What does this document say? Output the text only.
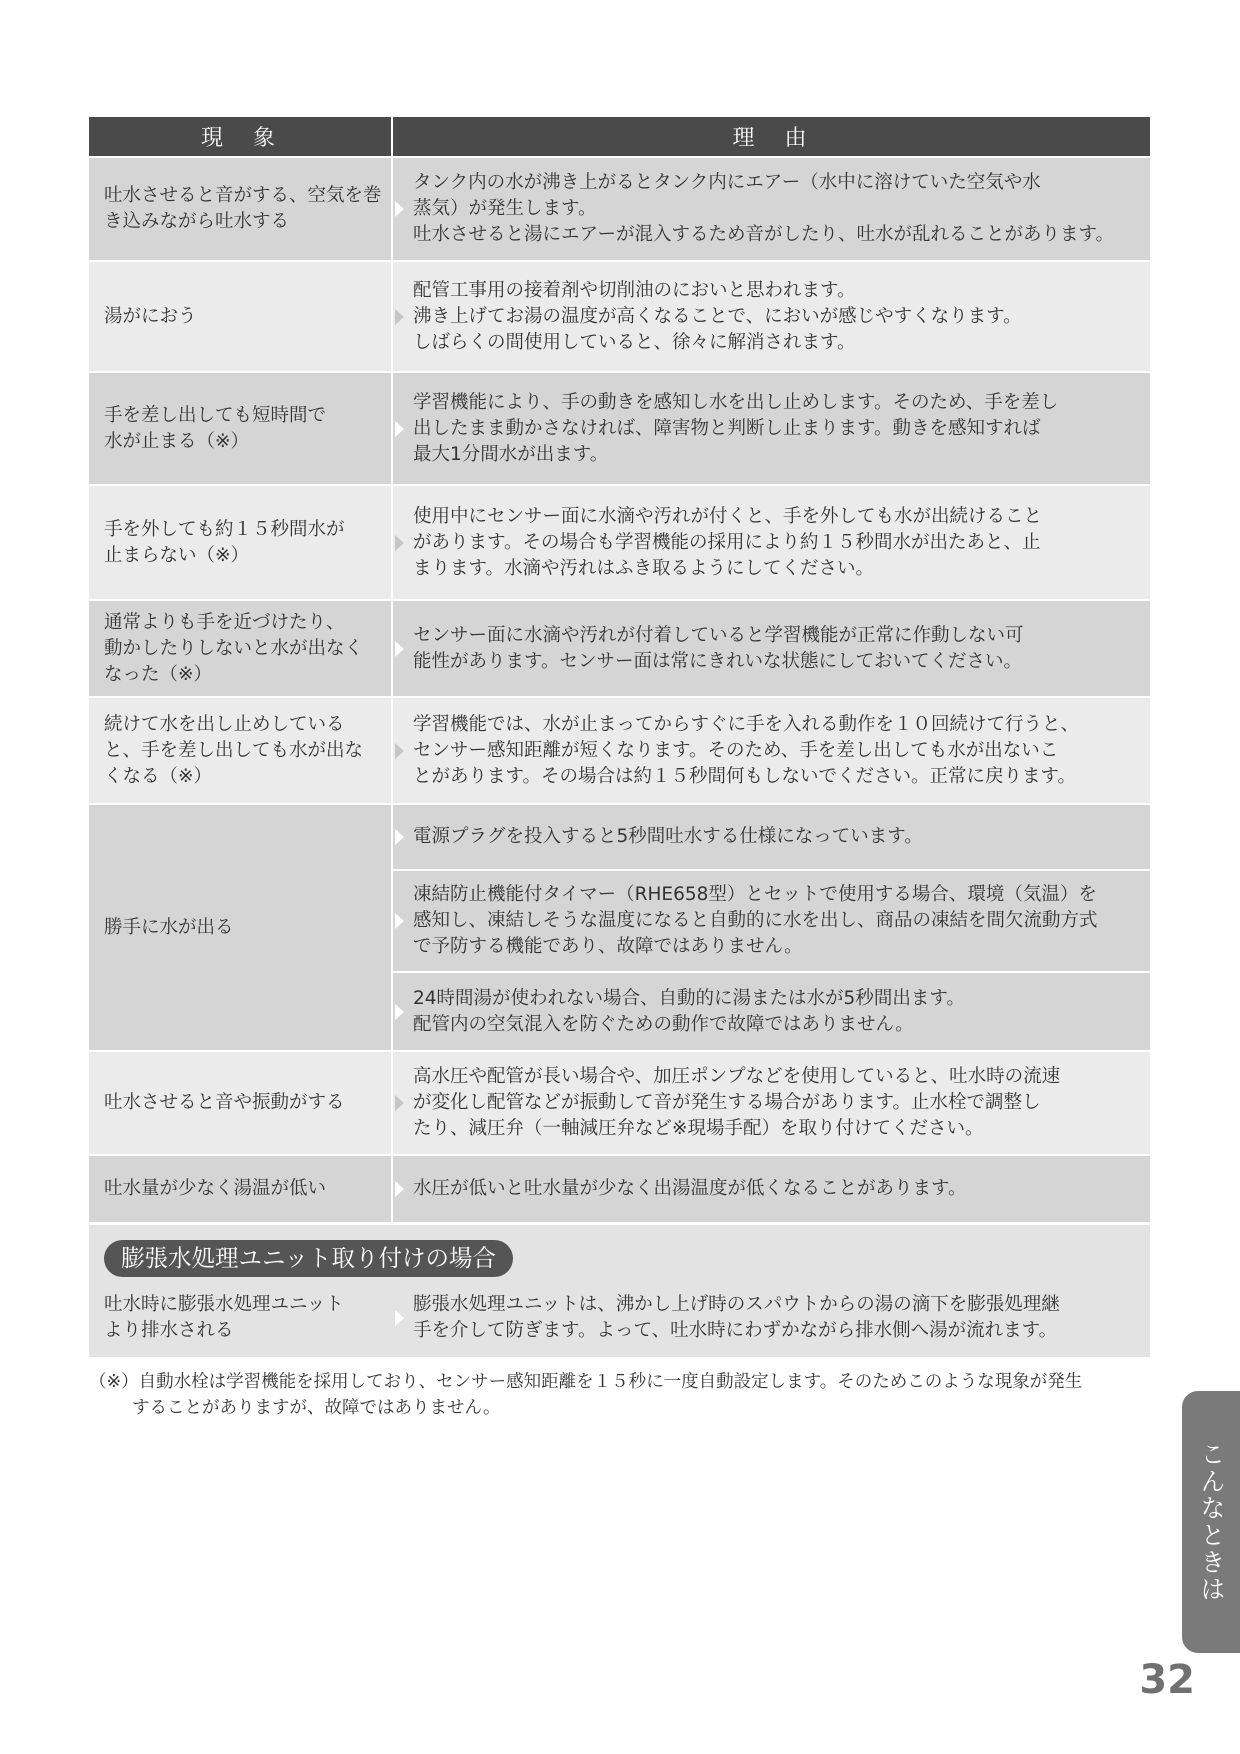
現　象	理　由
吐水させると音がする、空気を巻
き込みながら吐水する
タンク内の水が沸き上がるとタンク内にエアー（水中に溶けていた空気や水
蒸気）が発生します。
吐水させると湯にエアーが混入するため音がしたり、吐水が乱れることがあります。
湯がにおう
配管工事用の接着剤や切削油のにおいと思われます。
沸き上げてお湯の温度が高くなることで、においが感じやすくなります。
しばらくの間使用していると、徐々に解消されます。
手を差し出しても短時間で
水が止まる（※）
学習機能により、手の動きを感知し水を出し止めします。そのため、手を差し
出したまま動かさなければ、障害物と判断し止まります。動きを感知すれば
最大1分間水が出ます。
手を外しても約１５秒間水が
止まらない（※）
使用中にセンサー面に水滴や汚れが付くと、手を外しても水が出続けること
があります。その場合も学習機能の採用により約１５秒間水が出たあと、止
まります。水滴や汚れはふき取るようにしてください。
通常よりも手を近づけたり、
動かしたりしないと水が出なく
なった（※）
センサー面に水滴や汚れが付着していると学習機能が正常に作動しない可
能性があります。センサー面は常にきれいな状態にしておいてください。
続けて水を出し止めしている
と、手を差し出しても水が出な
くなる（※）
学習機能では、水が止まってからすぐに手を入れる動作を１０回続けて行うと、
センサー感知距離が短くなります。そのため、手を差し出しても水が出ないこ
とがあります。その場合は約１５秒間何もしないでください。正常に戻ります。
勝手に水が出る
電源プラグを投入すると5秒間吐水する仕様になっています。
凍結防止機能付タイマー（RHE658型）とセットで使用する場合、環境（気温）を
感知し、凍結しそうな温度になると自動的に水を出し、商品の凍結を間欠流動方式
で予防する機能であり、故障ではありません。
24時間湯が使われない場合、自動的に湯または水が5秒間出ます。
配管内の空気混入を防ぐための動作で故障ではありません。
吐水させると音や振動がする
高水圧や配管が長い場合や、加圧ポンプなどを使用していると、吐水時の流速
が変化し配管などが振動して音が発生する場合があります。止水栓で調整し
たり、減圧弁（一軸減圧弁など※現場手配）を取り付けてください。
吐水量が少なく湯温が低い	水圧が低いと吐水量が少なく出湯温度が低くなることがあります。
膨張水処理ユニット取り付けの場合
吐水時に膨張水処理ユニット
より排水される
膨張水処理ユニットは、沸かし上げ時のスパウトからの湯の滴下を膨張処理継
手を介して防ぎます。よって、吐水時にわずかながら排水側へ湯が流れます。
（※）自動水栓は学習機能を採用しており、センサー感知距離を１５秒に一度自動設定します。そのためこのような現象が発生
することがありますが、故障ではありません。
こんなときは
32
